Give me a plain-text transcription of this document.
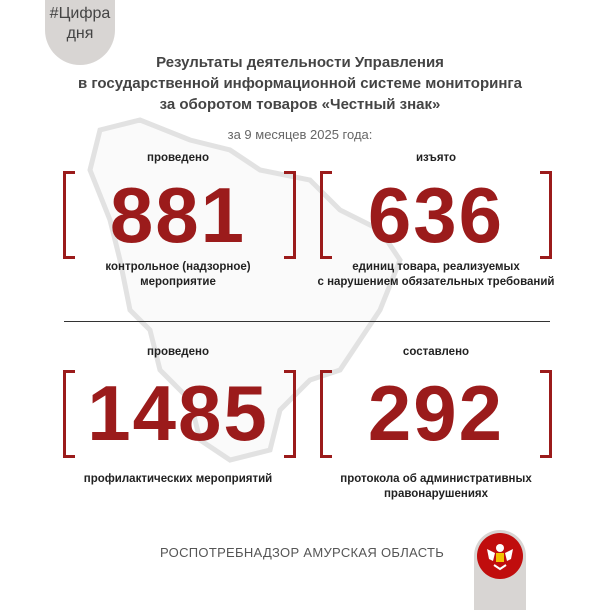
#Цифра
дня
Результаты деятельности Управления
в государственной информационной системе мониторинга
за оборотом товаров «Честный знак»
за 9 месяцев 2025 года:
проведено
881
контрольное (надзорное)
мероприятие
изъято
636
единиц товара, реализуемых
с нарушением обязательных требований
проведено
1485
профилактических мероприятий
составлено
292
протокола об административных
правонарушениях
РОСПОТРЕБНАДЗОР АМУРСКАЯ ОБЛАСТЬ
